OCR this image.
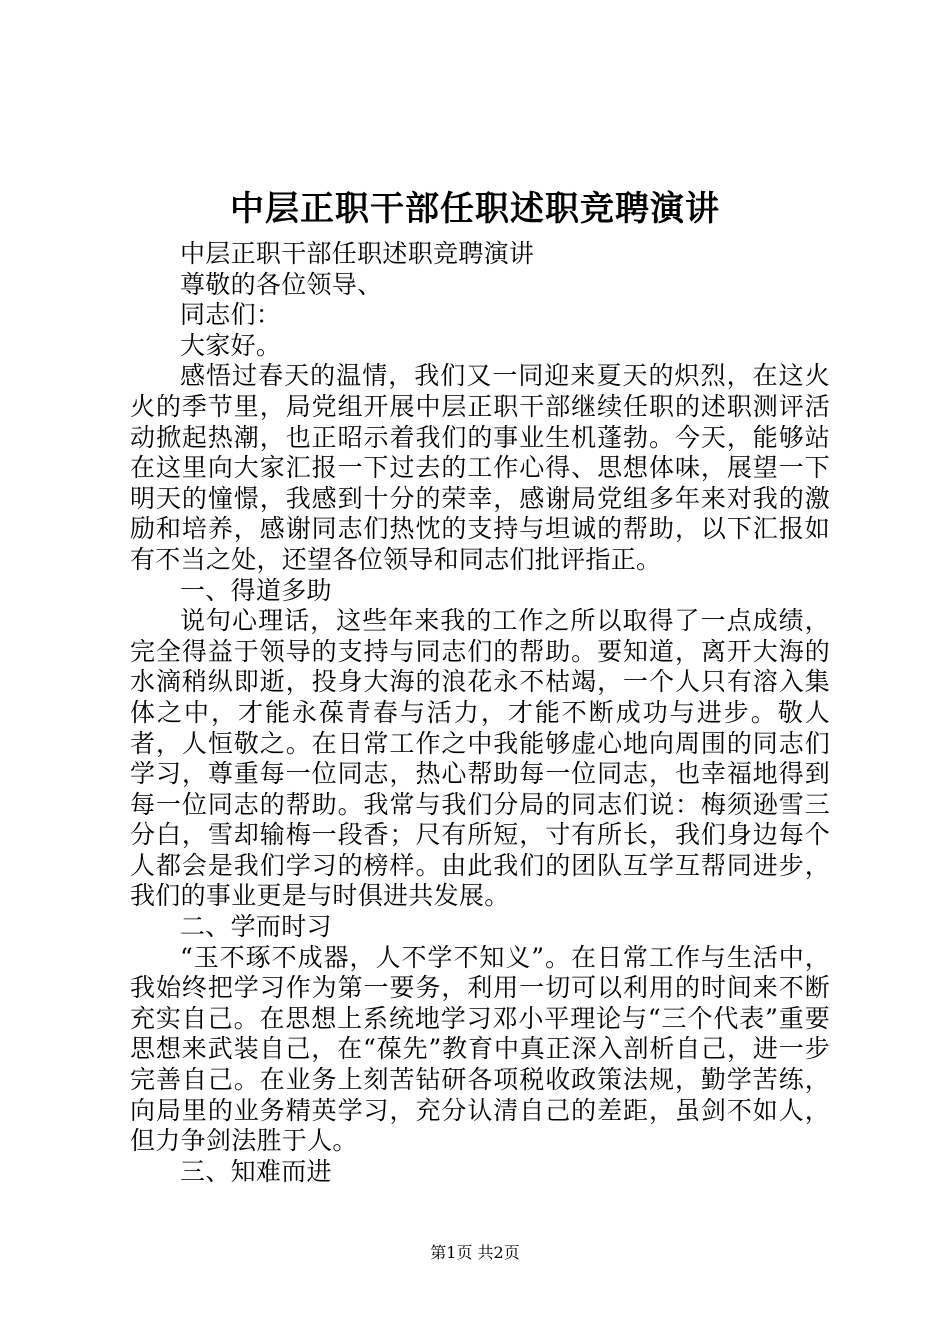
中层正职干部任职述职竞聘演讲

中层正职干部任职述职竞聘演讲

尊敬的各位领导、

同志们：

大家好。

感悟过春天的温情，我们又一同迎来夏天的炽烈，在这火火的季节里，局党组开展中层正职干部继续任职的述职测评活动掀起热潮，也正昭示着我们的事业生机蓬勃。今天，能够站在这里向大家汇报一下过去的工作心得、思想体味，展望一下明天的憧憬，我感到十分的荣幸，感谢局党组多年来对我的激励和培养，感谢同志们热忱的支持与坦诚的帮助，以下汇报如有不当之处，还望各位领导和同志们批评指正。

一、得道多助

说句心理话，这些年来我的工作之所以取得了一点成绩，完全得益于领导的支持与同志们的帮助。要知道，离开大海的水滴稍纵即逝，投身大海的浪花永不枯竭，一个人只有溶入集体之中，才能永葆青春与活力，才能不断成功与进步。敬人者，人恒敬之。在日常工作之中我能够虚心地向周围的同志们学习，尊重每一位同志，热心帮助每一位同志，也幸福地得到每一位同志的帮助。我常与我们分局的同志们说：梅须逊雪三分白，雪却输梅一段香；尺有所短，寸有所长，我们身边每个人都会是我们学习的榜样。由此我们的团队互学互帮同进步，我们的事业更是与时俱进共发展。

二、学而时习

“玉不琢不成器，人不学不知义”。在日常工作与生活中，我始终把学习作为第一要务，利用一切可以利用的时间来不断充实自己。在思想上系统地学习邓小平理论与“三个代表”重要思想来武装自己，在“葆先”教育中真正深入剖析自己，进一步完善自己。在业务上刻苦钻研各项税收政策法规，勤学苦练，向局里的业务精英学习，充分认清自己的差距，虽剑不如人，但力争剑法胜于人。

三、知难而进

第1页 共2页
